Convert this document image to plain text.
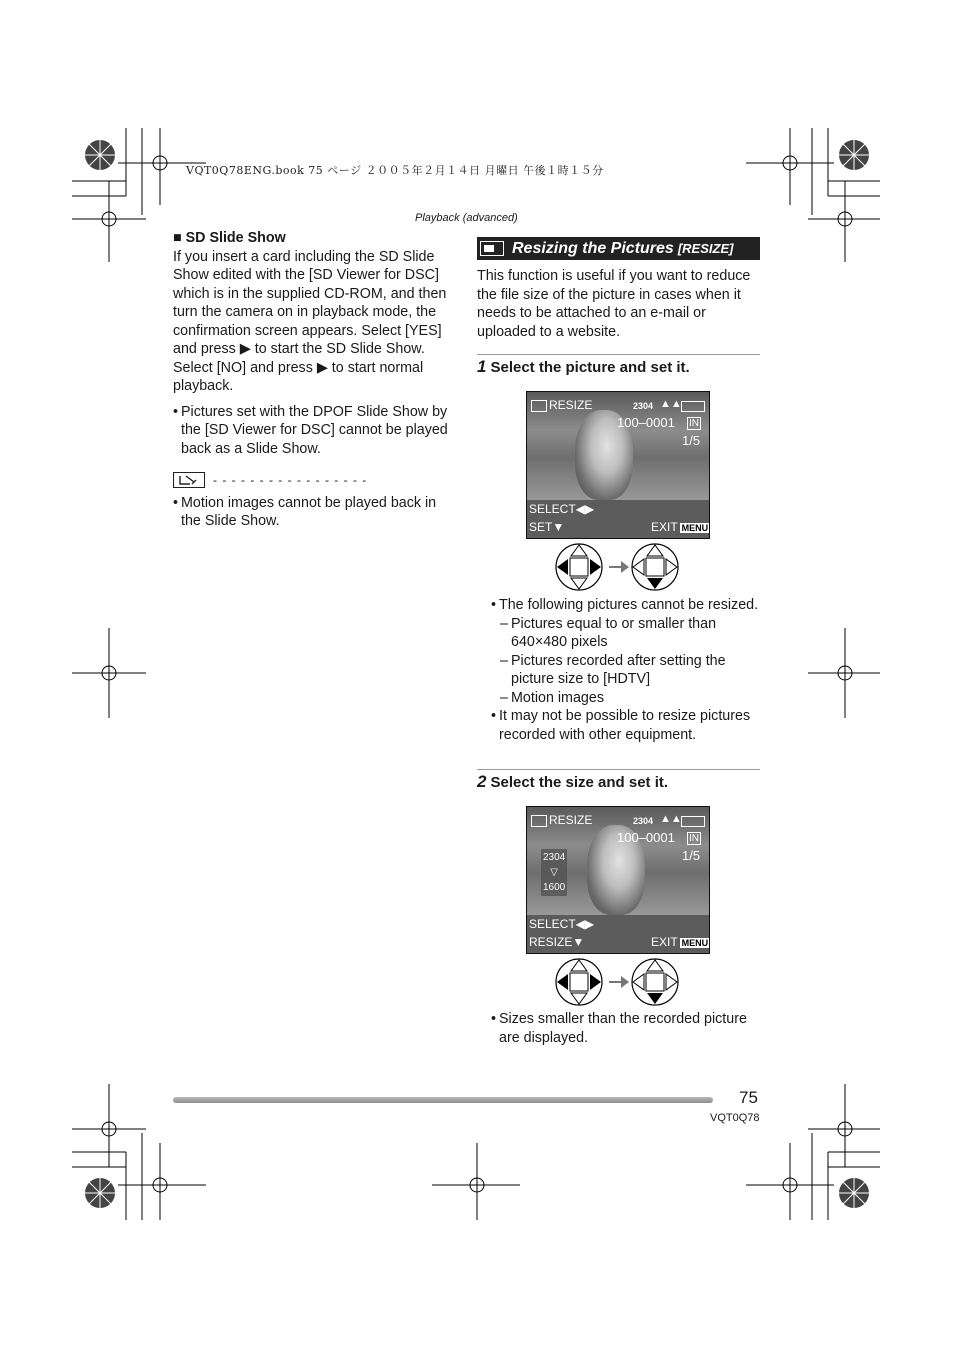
VQT0Q78ENG.book 75 ページ ２００５年２月１４日 月曜日 午後１時１５分
Playback (advanced)
■ SD Slide Show
If you insert a card including the SD Slide Show edited with the [SD Viewer for DSC] which is in the supplied CD-ROM, and then turn the camera on in playback mode, the confirmation screen appears. Select [YES] and press ▶ to start the SD Slide Show. Select [NO] and press ▶ to start normal playback.
• Pictures set with the DPOF Slide Show by the [SD Viewer for DSC] cannot be played back as a Slide Show.
- - - - - - - - - - - - - - - - -
• Motion images cannot be played back in the Slide Show.
Resizing the Pictures [RESIZE]
This function is useful if you want to reduce the file size of the picture in cases when it needs to be attached to an e-mail or uploaded to a website.
1 Select the picture and set it.
RESIZE	2304 ▲▲
100–0001 IN
1/5
SELECT◀▶
SET▼	EXIT MENU
• The following pictures cannot be resized.
– Pictures equal to or smaller than 640×480 pixels
– Pictures recorded after setting the picture size to [HDTV]
– Motion images
• It may not be possible to resize pictures recorded with other equipment.
2 Select the size and set it.
RESIZE	2304 ▲▲
100–0001 IN
1/5
2304
▽
1600
SELECT◀▶
RESIZE▼	EXIT MENU
• Sizes smaller than the recorded picture are displayed.
75
VQT0Q78
